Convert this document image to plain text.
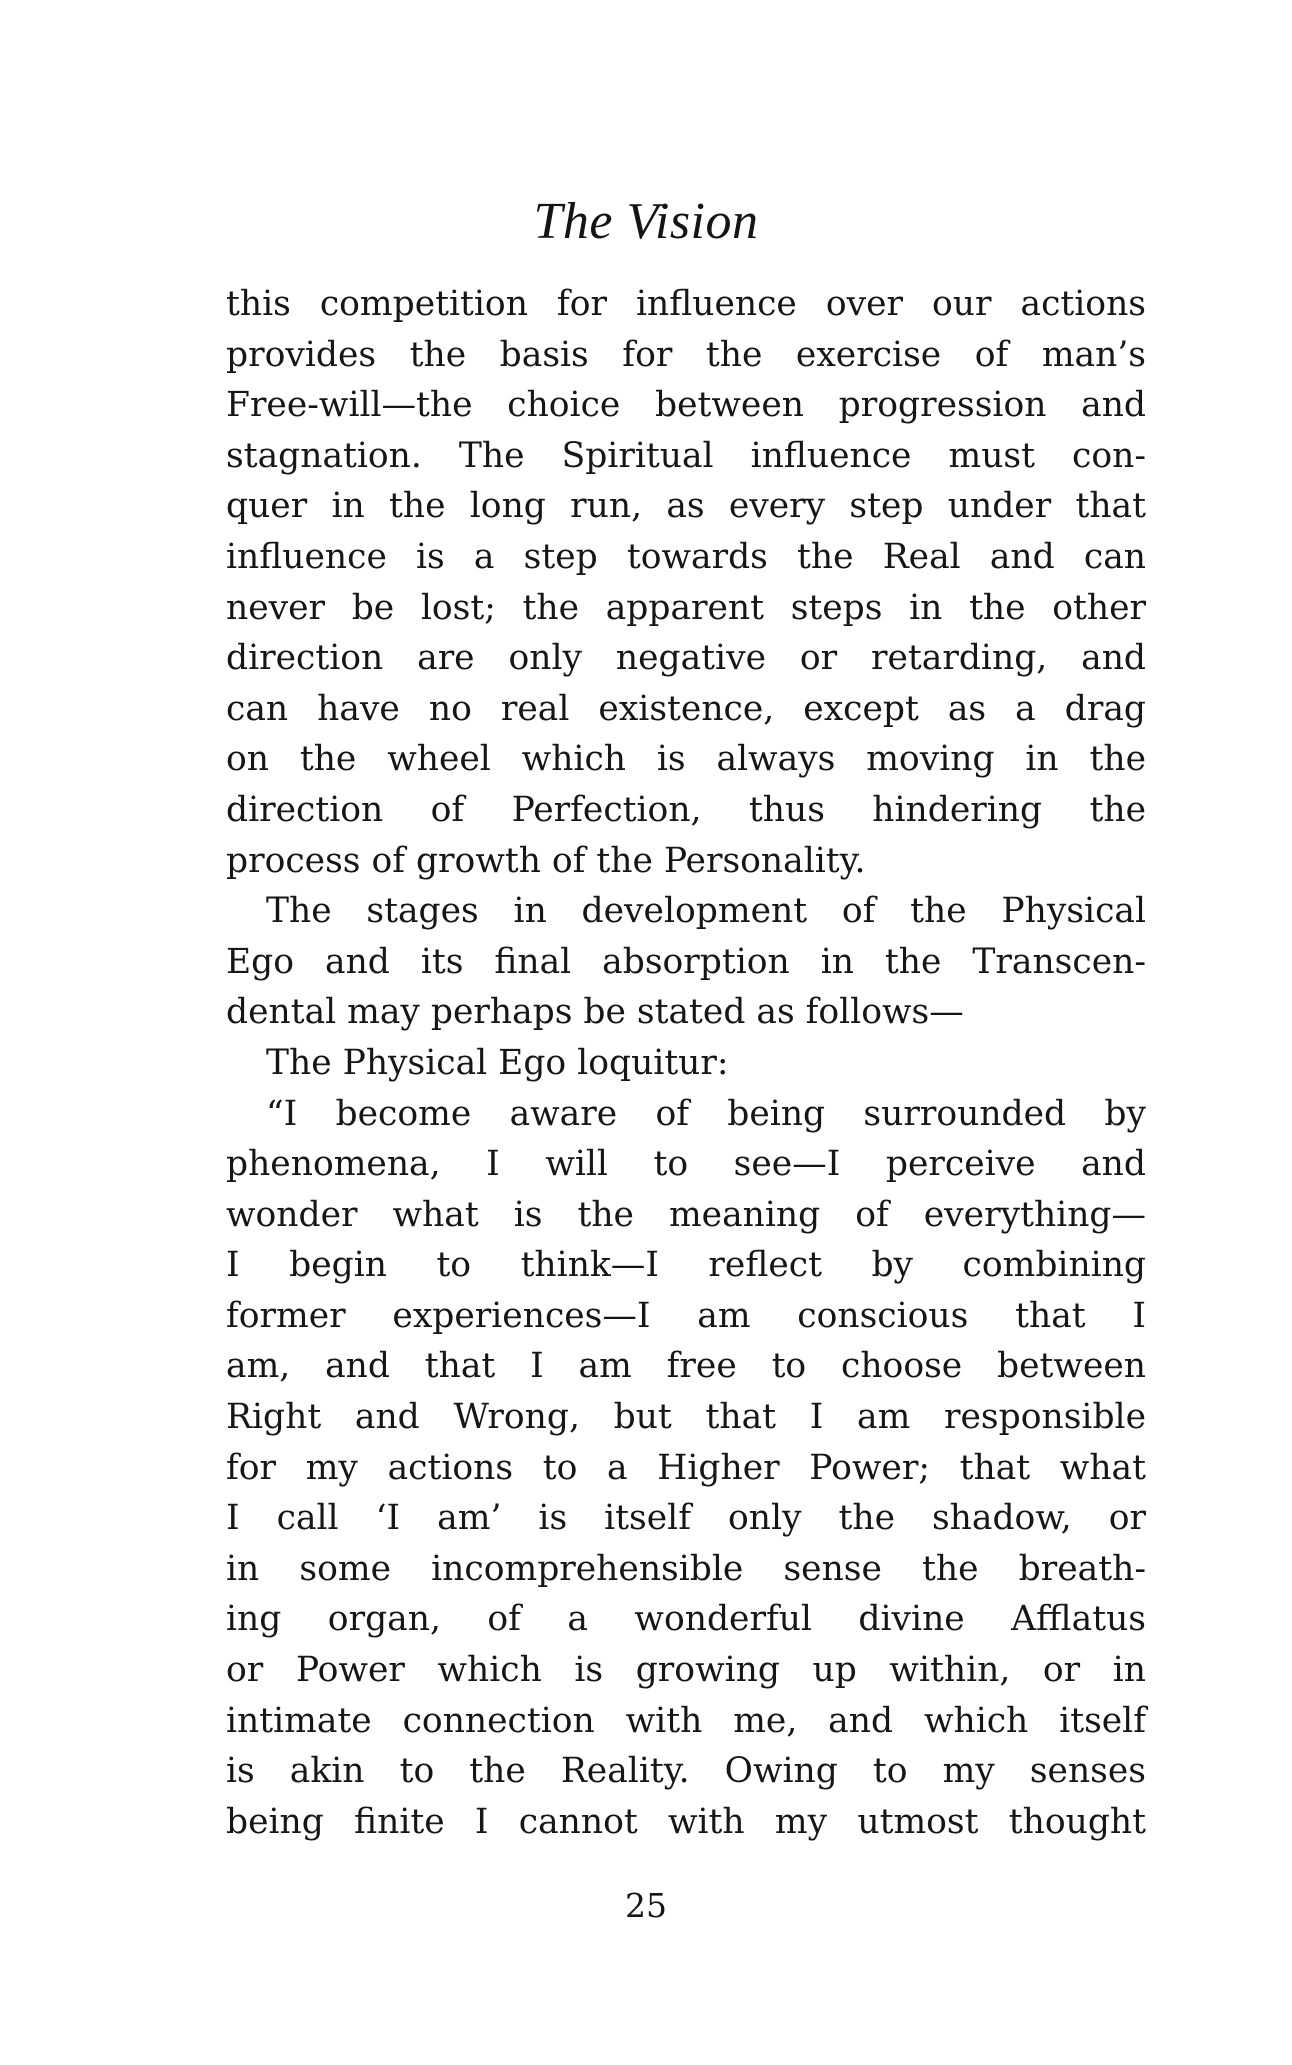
The Vision
this competition for influence over our actions
provides the basis for the exercise of man’s
Free-will—the choice between progression and
stagnation. The Spiritual influence must con-
quer in the long run, as every step under that
influence is a step towards the Real and can
never be lost; the apparent steps in the other
direction are only negative or retarding, and
can have no real existence, except as a drag
on the wheel which is always moving in the
direction of Perfection, thus hindering the
process of growth of the Personality.
The stages in development of the Physical
Ego and its final absorption in the Transcen-
dental may perhaps be stated as follows—
The Physical Ego loquitur:
“I become aware of being surrounded by
phenomena, I will to see—I perceive and
wonder what is the meaning of everything—
I begin to think—I reflect by combining
former experiences—I am conscious that I
am, and that I am free to choose between
Right and Wrong, but that I am responsible
for my actions to a Higher Power; that what
I call ‘I am’ is itself only the shadow, or
in some incomprehensible sense the breath-
ing organ, of a wonderful divine Afflatus
or Power which is growing up within, or in
intimate connection with me, and which itself
is akin to the Reality. Owing to my senses
being finite I cannot with my utmost thought
25
